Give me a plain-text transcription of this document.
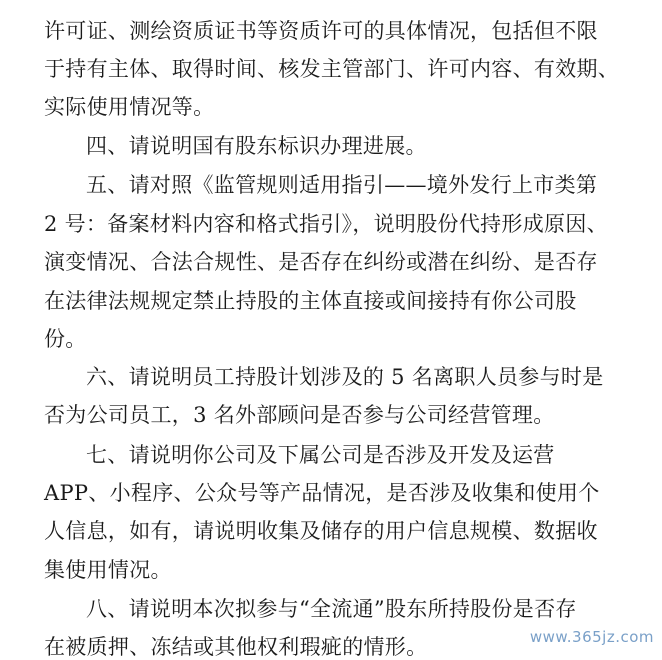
许可证、测绘资质证书等资质许可的具体情况，包括但不限
于持有主体、取得时间、核发主管部门、许可内容、有效期、
实际使用情况等。
四、请说明国有股东标识办理进展。
五、请对照《监管规则适用指引——境外发行上市类第
2 号：备案材料内容和格式指引》，说明股份代持形成原因、
演变情况、合法合规性、是否存在纠纷或潜在纠纷、是否存
在法律法规规定禁止持股的主体直接或间接持有你公司股
份。
六、请说明员工持股计划涉及的 5 名离职人员参与时是
否为公司员工，3 名外部顾问是否参与公司经营管理。
七、请说明你公司及下属公司是否涉及开发及运营
APP、小程序、公众号等产品情况，是否涉及收集和使用个
人信息，如有，请说明收集及储存的用户信息规模、数据收
集使用情况。
八、请说明本次拟参与“全流通”股东所持股份是否存
在被质押、冻结或其他权利瑕疵的情形。	www.365jz.com
